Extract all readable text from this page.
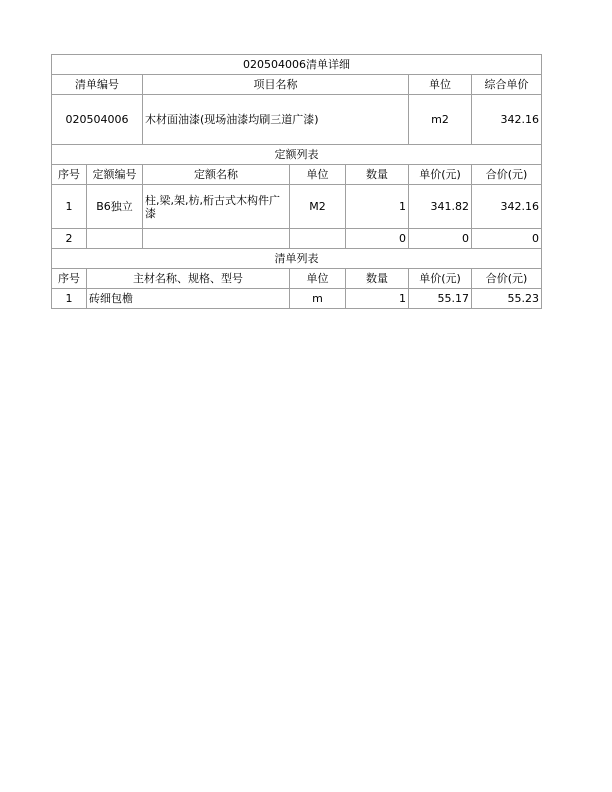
020504006清单详细						
清单编号		项目名称			单位	综合单价
020504006		木材面油漆(现场油漆均刷三道广漆)			m2	342.16
定额列表						
序号	定额编号	定额名称	单位	数量	单价(元)	合价(元)
1	B6独立	柱,梁,架,枋,桁古式木构件广漆	M2	1	341.82	342.16
2				0	0	0
清单列表						
序号	主材名称、规格、型号		单位	数量	单价(元)	合价(元)
1	砖细包檐		m	1	55.17	55.23
